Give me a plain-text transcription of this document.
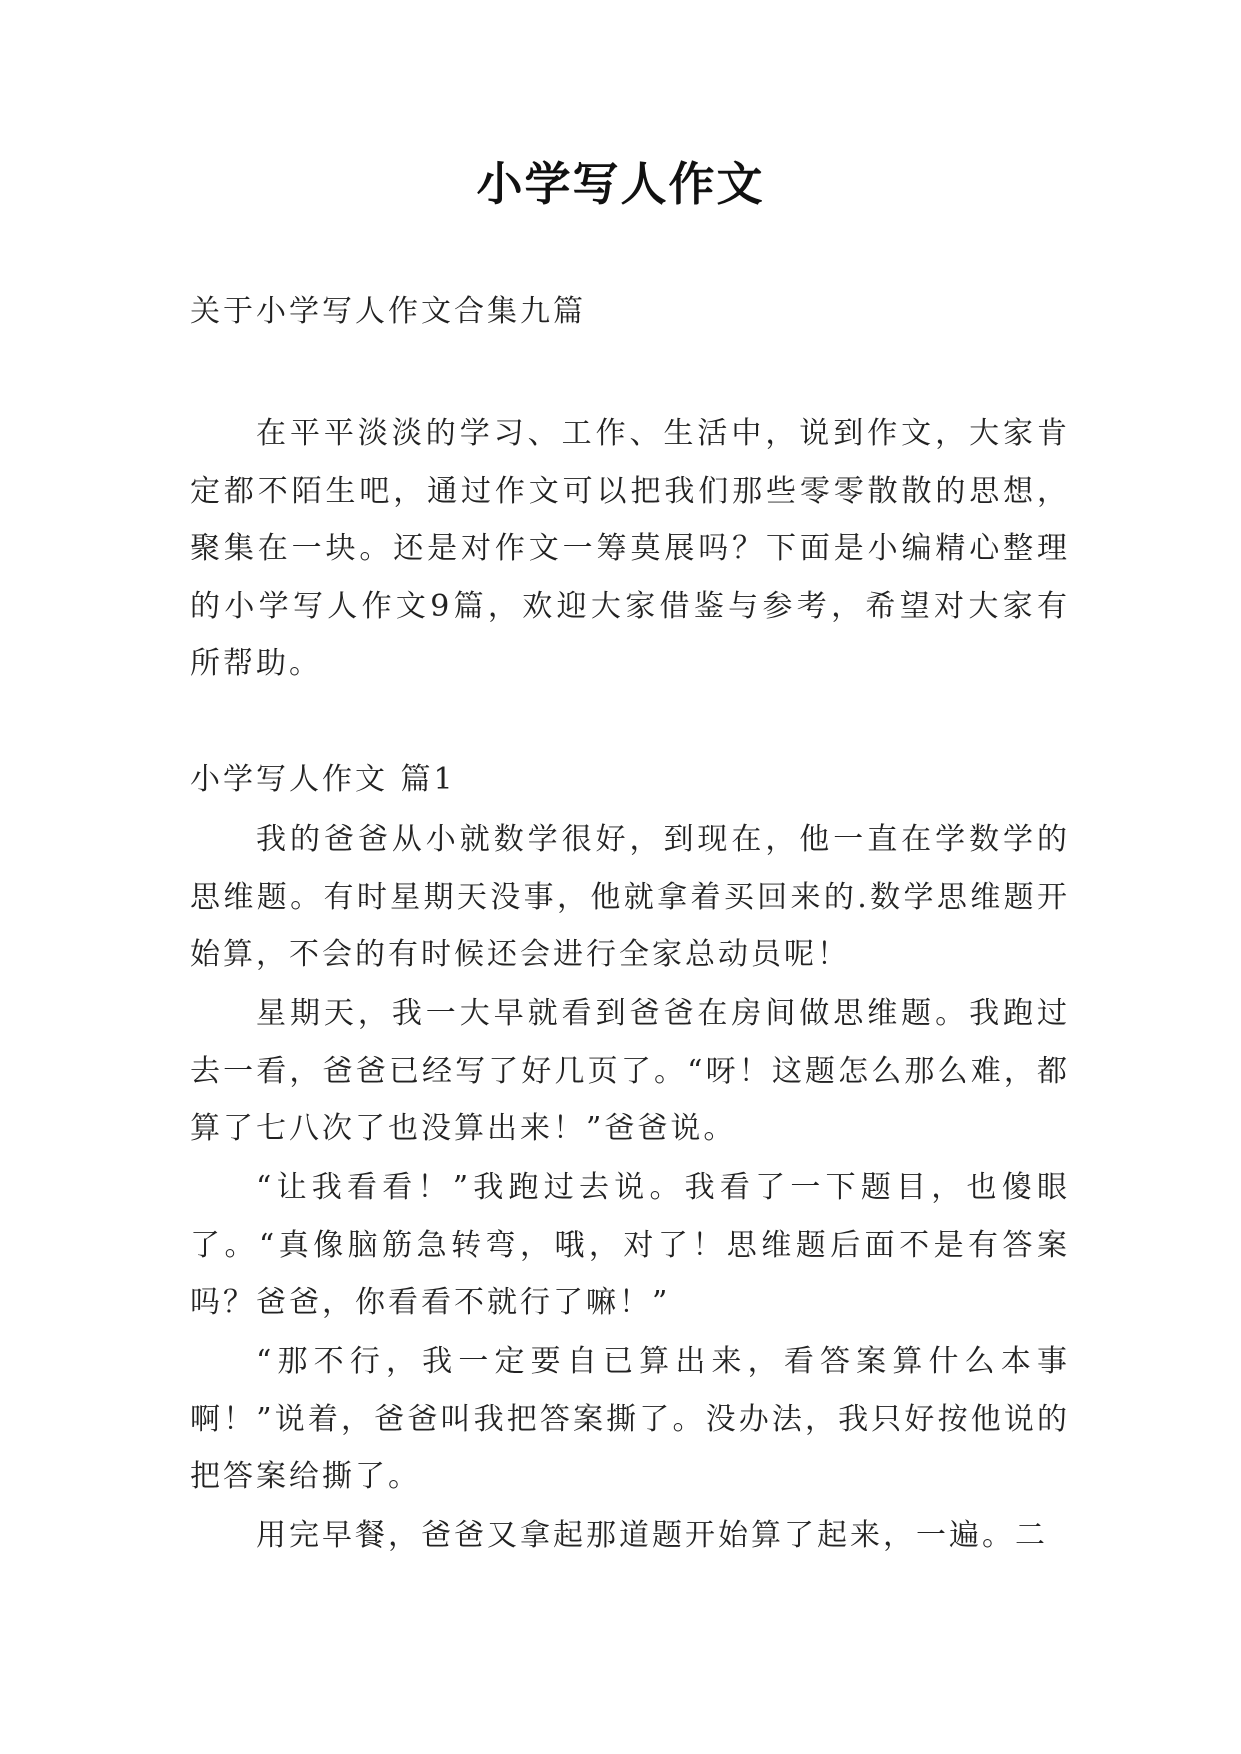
小学写人作文
关于小学写人作文合集九篇
在平平淡淡的学习、工作、生活中，说到作文，大家肯定都不陌生吧，通过作文可以把我们那些零零散散的思想，聚集在一块。还是对作文一筹莫展吗？下面是小编精心整理的小学写人作文9篇，欢迎大家借鉴与参考，希望对大家有所帮助。
小学写人作文 篇1

我的爸爸从小就数学很好，到现在，他一直在学数学的思维题。有时星期天没事，他就拿着买回来的.数学思维题开始算，不会的有时候还会进行全家总动员呢！

星期天，我一大早就看到爸爸在房间做思维题。我跑过去一看，爸爸已经写了好几页了。“呀！这题怎么那么难，都算了七八次了也没算出来！”爸爸说。

“让我看看！”我跑过去说。我看了一下题目，也傻眼了。“真像脑筋急转弯，哦，对了！思维题后面不是有答案吗？爸爸，你看看不就行了嘛！”

“那不行，我一定要自已算出来，看答案算什么本事啊！”说着，爸爸叫我把答案撕了。没办法，我只好按他说的把答案给撕了。

用完早餐，爸爸又拿起那道题开始算了起来，一遍。二
